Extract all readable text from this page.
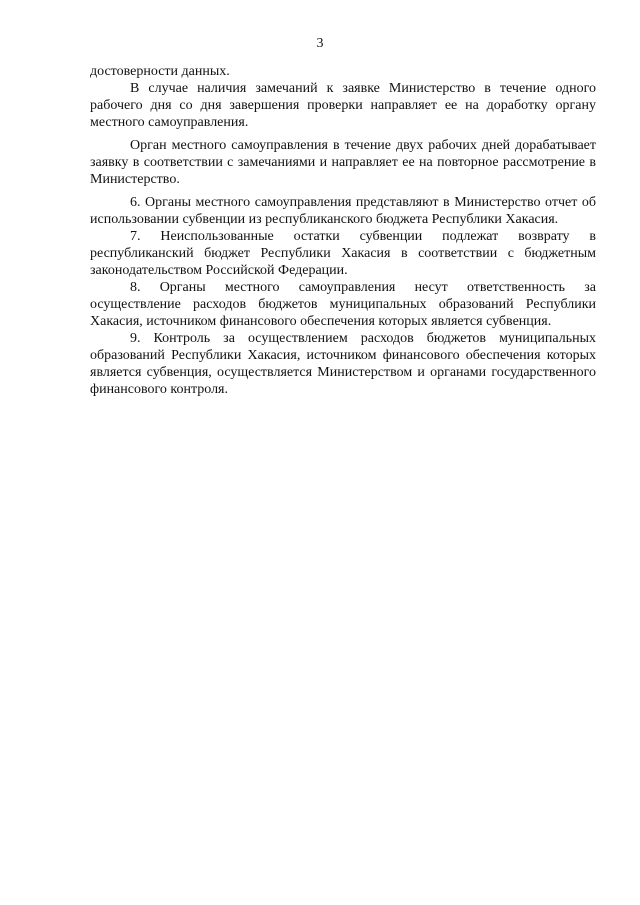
3

достоверности данных.

В случае наличия замечаний к заявке Министерство в течение одного рабочего дня со дня завершения проверки направляет ее на доработку органу местного самоуправления.

Орган местного самоуправления в течение двух рабочих дней дорабатывает заявку в соответствии с замечаниями и направляет ее на повторное рассмотрение в Министерство.

6. Органы местного самоуправления представляют в Министерство отчет об использовании субвенции из республиканского бюджета Республики Хакасия.

7. Неиспользованные остатки субвенции подлежат возврату в республиканский бюджет Республики Хакасия в соответствии с бюджетным законодательством Российской Федерации.

8. Органы местного самоуправления несут ответственность за осуществление расходов бюджетов муниципальных образований Республики Хакасия, источником финансового обеспечения которых является субвенция.

9. Контроль за осуществлением расходов бюджетов муниципальных образований Республики Хакасия, источником финансового обеспечения которых является субвенция, осуществляется Министерством и органами государственного финансового контроля.
